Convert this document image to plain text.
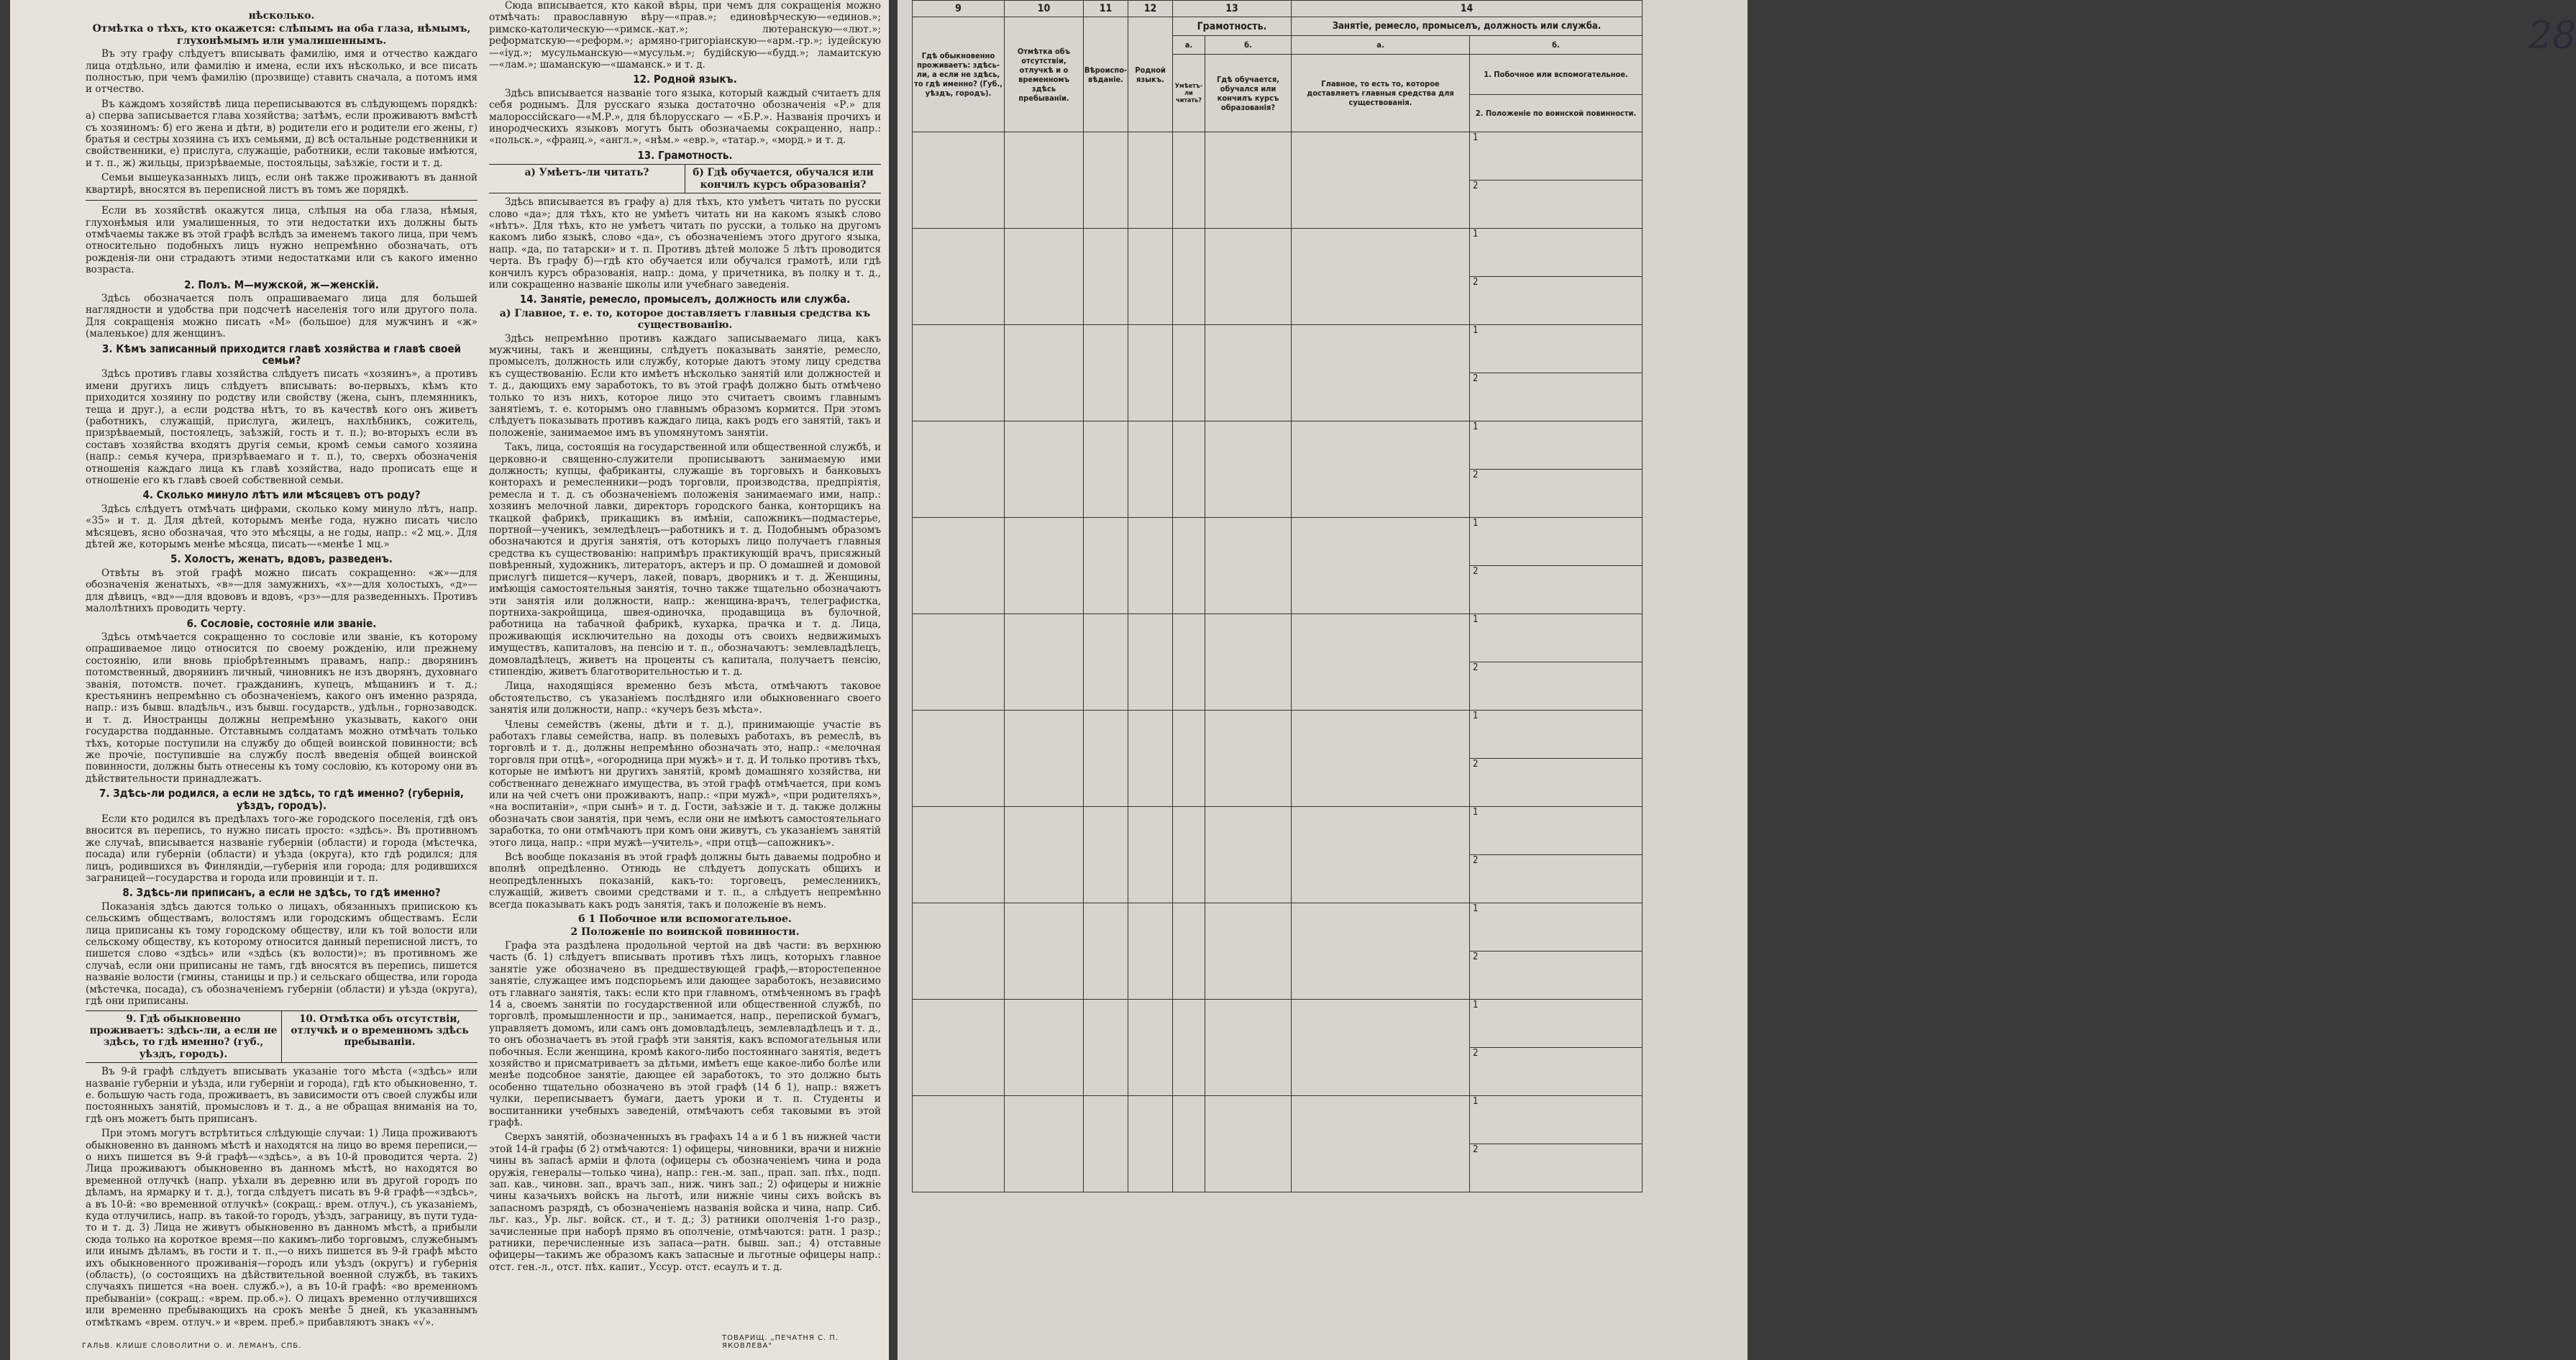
нѣсколько.
Отмѣтка о тѣхъ, кто окажется: слѣпымъ на оба глаза, нѣмымъ, глухонѣмымъ или умалишеннымъ.
Въ эту графу слѣдуетъ вписывать фамилію, имя и отчество каждаго лица отдѣльно, или фамилію и имена, если ихъ нѣсколько, и все писать полностью, при чемъ фамилію (прозвище) ставить сначала, а потомъ имя и отчество.
Въ каждомъ хозяйствѣ лица переписываются въ слѣдующемъ порядкѣ: а) сперва записывается глава хозяйства; затѣмъ, если проживаютъ вмѣстѣ съ хозяиномъ: б) его жена и дѣти, в) родители его и родители его жены, г) братья и сестры хозяина съ ихъ семьями, д) всѣ остальные родственники и свойственники, е) прислуга, служащіе, работники, если таковые имѣются, и т. п., ж) жильцы, призрѣваемые, постояльцы, заѣзжіе, гости и т. д.
Семьи вышеуказанныхъ лицъ, если онѣ также проживаютъ въ данной квартирѣ, вносятся въ переписной листъ въ томъ же порядкѣ.
Если въ хозяйствѣ окажутся лица, слѣпыя на оба глаза, нѣмыя, глухонѣмыя или умалишенныя, то эти недостатки ихъ должны быть отмѣчаемы также въ этой графѣ вслѣдъ за именемъ такого лица, при чемъ относительно подобныхъ лицъ нужно непремѣнно обозначать, отъ рожденія-ли они страдаютъ этими недостатками или съ какого именно возраста.
2. Полъ. М—мужской, ж—женскій.
Здѣсь обозначается полъ опрашиваемаго лица для большей наглядности и удобства при подсчетѣ населенія того или другого пола. Для сокращенія можно писать «М» (большое) для мужчинъ и «ж» (маленькое) для женщинъ.
3. Кѣмъ записанный приходится главѣ хозяйства и главѣ своей семьи?
Здѣсь противъ главы хозяйства слѣдуетъ писать «хозяинъ», а противъ имени другихъ лицъ слѣдуетъ вписывать: во-первыхъ, кѣмъ кто приходится хозяину по родству или свойству (жена, сынъ, племянникъ, теща и друг.), а если родства нѣтъ, то въ качествѣ кого онъ живетъ (работникъ, служащій, прислуга, жилецъ, нахлѣбникъ, сожитель, призрѣваемый, постоялецъ, заѣзжій, гость и т. п.); во-вторыхъ если въ составъ хозяйства входятъ другія семьи, кромѣ семьи самого хозяина (напр.: семья кучера, призрѣваемаго и т. п.), то, сверхъ обозначенія отношенія каждаго лица къ главѣ хозяйства, надо прописать еще и отношеніе его къ главѣ своей собственной семьи.
4. Сколько минуло лѣтъ или мѣсяцевъ отъ роду?
Здѣсь слѣдуетъ отмѣчать цифрами, сколько кому минуло лѣтъ, напр. «35» и т. д. Для дѣтей, которымъ менѣе года, нужно писать число мѣсяцевъ, ясно обозначая, что это мѣсяцы, а не годы, напр.: «2 мц.». Для дѣтей же, которымъ менѣе мѣсяца, писать—«менѣе 1 мц.»
5. Холостъ, женатъ, вдовъ, разведенъ.
Отвѣты въ этой графѣ можно писать сокращенно: «ж»—для обозначенія женатыхъ, «в»—для замужнихъ, «х»—для холостыхъ, «д»—для дѣвицъ, «вд»—для вдововъ и вдовъ, «рз»—для разведенныхъ. Противъ малолѣтнихъ проводить черту.
6. Сословіе, состояніе или званіе.
Здѣсь отмѣчается сокращенно то сословіе или званіе, къ которому опрашиваемое лицо относится по своему рожденію, или прежнему состоянію, или вновь пріобрѣтеннымъ правамъ, напр.: дворянинъ потомственный, дворянинъ личный, чиновникъ не изъ дворянъ, духовнаго званія, потомств. почет. гражданинъ, купецъ, мѣщанинъ и т. д.; крестьянинъ непремѣнно съ обозначеніемъ, какого онъ именно разряда, напр.: изъ бывш. владѣльч., изъ бывш. государств., удѣльн., горнозаводск. и т. д. Иностранцы должны непремѣнно указывать, какого они государства подданные. Отставнымъ солдатамъ можно отмѣчать только тѣхъ, которые поступили на службу до общей воинской повинности; всѣ же прочіе, поступившіе на службу послѣ введенія общей воинской повинности, должны быть отнесены къ тому сословію, къ которому они въ дѣйствительности принадлежатъ.
7. Здѣсь-ли родился, а если не здѣсь, то гдѣ именно? (губернія, уѣздъ, городъ).
Если кто родился въ предѣлахъ того-же городского поселенія, гдѣ онъ вносится въ перепись, то нужно писать просто: «здѣсь». Въ противномъ же случаѣ, вписывается названіе губерніи (области) и города (мѣстечка, посада) или губерніи (области) и уѣзда (округа), кто гдѣ родился; для лицъ, родившихся въ Финляндіи,—губернія или города; для родившихся заграницей—государства и города или провинціи и т. п.
8. Здѣсь-ли приписанъ, а если не здѣсь, то гдѣ именно?
Показанія здѣсь даются только о лицахъ, обязанныхъ припискою къ сельскимъ обществамъ, волостямъ или городскимъ обществамъ. Если лица приписаны къ тому городскому обществу, или къ той волости или сельскому обществу, къ которому относится данный переписной листъ, то пишется слово «здѣсь» или «здѣсь (къ волости)»; въ противномъ же случаѣ, если они приписаны не тамъ, гдѣ вносятся въ перепись, пишется названіе волости (гмины, станицы и пр.) и сельскаго общества, или города (мѣстечка, посада), съ обозначеніемъ губерніи (области) и уѣзда (округа), гдѣ они приписаны.
9. Гдѣ обыкновенно проживаетъ: здѣсь-ли, а если не здѣсь, то гдѣ именно? (губ., уѣздъ, городъ).
10. Отмѣтка объ отсутствіи, отлучкѣ и о временномъ здѣсь пребываніи.
Въ 9-й графѣ слѣдуетъ вписывать указаніе того мѣста («здѣсь» или названіе губерніи и уѣзда, или губерніи и города), гдѣ кто обыкновенно, т. е. большую часть года, проживаетъ, въ зависимости отъ своей службы или постоянныхъ занятій, промысловъ и т. д., а не обращая вниманія на то, гдѣ онъ можетъ быть приписанъ.
При этомъ могутъ встрѣтиться слѣдующіе случаи: 1) Лица проживаютъ обыкновенно въ данномъ мѣстѣ и находятся на лицо во время переписи,—о нихъ пишется въ 9-й графѣ—«здѣсь», а въ 10-й проводится черта. 2) Лица проживаютъ обыкновенно въ данномъ мѣстѣ, но находятся во временной отлучкѣ (напр. уѣхали въ деревню или въ другой городъ по дѣламъ, на ярмарку и т. д.), тогда слѣдуетъ писать въ 9-й графѣ—«здѣсь», а въ 10-й: «во временной отлучкѣ» (сокращ.: врем. отлуч.), съ указаніемъ, куда отлучились, напр. въ такой-то городъ, уѣздъ, заграницу, въ пути туда-то и т. д. 3) Лица не живутъ обыкновенно въ данномъ мѣстѣ, а прибыли сюда только на короткое время—по какимъ-либо торговымъ, служебнымъ или инымъ дѣламъ, въ гости и т. п.,—о нихъ пишется въ 9-й графѣ мѣсто ихъ обыкновенного проживанія—городъ или уѣздъ (округъ) и губернія (область), (о состоящихъ на дѣйствительной военной службѣ, въ такихъ случаяхъ пишется «на воен. служб.»), а въ 10-й графѣ: «во временномъ пребываніи» (сокращ.: «врем. пр.об.»). О лицахъ временно отлучившихся или временно пребывающихъ на срокъ менѣе 5 дней, къ указаннымъ отмѣткамъ «врем. отлуч.» и «врем. преб.» прибавляютъ знакъ «√».
Сюда вписывается, кто какой вѣры, при чемъ для сокращенія можно отмѣчать: православную вѣру—«прав.»; единовѣрческую—«единов.»; римско-католическую—«римск.-кат.»; лютеранскую—«лют.»; реформатскую—«реформ.»; армяно-григоріанскую—«арм.-гр.»; іудейскую—«іуд.»; мусульманскую—«мусульм.»; будійскую—«будд.»; ламаитскую—«лам.»; шаманскую—«шаманск.» и т. д.
12. Родной языкъ.
Здѣсь вписывается названіе того языка, который каждый считаетъ для себя роднымъ. Для русскаго языка достаточно обозначенія «Р.» для малороссійскаго—«М.Р.», для бѣлорусскаго — «Б.Р.». Названія прочихъ и инородческихъ языковъ могутъ быть обозначаемы сокращенно, напр.: «польск.», «франц.», «англ.», «нѣм.» «евр.», «татар.», «морд.» и т. д.
13. Грамотность.
а) Умѣетъ-ли читать?	б) Гдѣ обучается, обучался или кончилъ курсъ образованія?
Здѣсь вписывается въ графу а) для тѣхъ, кто умѣетъ читать по русски слово «да»; для тѣхъ, кто не умѣетъ читать ни на какомъ языкѣ слово «нѣтъ». Для тѣхъ, кто не умѣетъ читать по русски, а только на другомъ какомъ либо языкѣ, слово «да», съ обозначеніемъ этого другого языка, напр. «да, по татарски» и т. п. Противъ дѣтей моложе 5 лѣтъ проводится черта. Въ графу б)—гдѣ кто обучается или обучался грамотѣ, или гдѣ кончилъ курсъ образованія, напр.: дома, у причетника, въ полку и т. д., или сокращенно названіе школы или учебнаго заведенія.
14. Занятіе, ремесло, промыселъ, должность или служба.
а) Главное, т. е. то, которое доставляетъ главныя средства къ существованію.
Здѣсь непремѣнно противъ каждаго записываемаго лица, какъ мужчины, такъ и женщины, слѣдуетъ показывать занятіе, ремесло, промыселъ, должность или службу, которые даютъ этому лицу средства къ существованію. Если кто имѣетъ нѣсколько занятій или должностей и т. д., дающихъ ему заработокъ, то въ этой графѣ должно быть отмѣчено только то изъ нихъ, которое лицо это считаетъ своимъ главнымъ занятіемъ, т. е. которымъ оно главнымъ образомъ кормится. При этомъ слѣдуетъ показывать противъ каждаго лица, какъ родъ его занятій, такъ и положеніе, занимаемое имъ въ упомянутомъ занятіи.
Такъ, лица, состоящія на государственной или общественной службѣ, и церковно-и священно-служители прописываютъ занимаемую ими должность; купцы, фабриканты, служащіе въ торговыхъ и банковыхъ конторахъ и ремесленники—родъ торговли, производства, предпріятія, ремесла и т. д. съ обозначеніемъ положенія занимаемаго ими, напр.: хозяинъ мелочной лавки, директоръ городского банка, конторщикъ на ткацкой фабрикѣ, прикащикъ въ имѣніи, сапожникъ—подмастерье, портной—ученикъ, земледѣлецъ—работникъ и т. д. Подобнымъ образомъ обозначаются и другія занятія, отъ которыхъ лицо получаетъ главныя средства къ существованію: напримѣръ практикующій врачъ, присяжный повѣренный, художникъ, литераторъ, актеръ и пр. О домашней и домовой прислугѣ пишется—кучеръ, лакей, поваръ, дворникъ и т. д. Женщины, имѣющія самостоятельныя занятія, точно также тщательно обозначаютъ эти занятія или должности, напр.: женщина-врачъ, телеграфистка, портниха-закройщица, швея-одиночка, продавщица въ булочной, работница на табачной фабрикѣ, кухарка, прачка и т. д. Лица, проживающія исключительно на доходы отъ своихъ недвижимыхъ имуществъ, капиталовъ, на пенсію и т. п., обозначаютъ: землевладѣлецъ, домовладѣлецъ, живетъ на проценты съ капитала, получаетъ пенсію, стипендію, живетъ благотворительностью и т. д.
Лица, находящіяся временно безъ мѣста, отмѣчаютъ таковое обстоятельство, съ указаніемъ послѣдняго или обыкновеннаго своего занятія или должности, напр.: «кучеръ безъ мѣста».
Члены семействъ (жены, дѣти и т. д.), принимающіе участіе въ работахъ главы семейства, напр. въ полевыхъ работахъ, въ ремеслѣ, въ торговлѣ и т. д., должны непремѣнно обозначать это, напр.: «мелочная торговля при отцѣ», «огородница при мужѣ» и т. д. И только противъ тѣхъ, которые не имѣютъ ни другихъ занятій, кромѣ домашняго хозяйства, ни собственнаго денежнаго имущества, въ этой графѣ отмѣчается, при комъ или на чей счетъ они проживаютъ, напр.: «при мужѣ», «при родителяхъ», «на воспитаніи», «при сынѣ» и т. д. Гости, заѣзжіе и т. д. также должны обозначать свои занятія, при чемъ, если они не имѣютъ самостоятельнаго заработка, то они отмѣчаютъ при комъ они живутъ, съ указаніемъ занятій этого лица, напр.: «при мужѣ—учитель», «при отцѣ—сапожникъ».
Всѣ вообще показанія въ этой графѣ должны быть даваемы подробно и вполнѣ опредѣленно. Отнюдь не слѣдуетъ допускать общихъ и неопредѣленныхъ показаній, какъ-то: торговецъ, ремесленникъ, служащій, живетъ своими средствами и т. п., а слѣдуетъ непремѣнно всегда показывать какъ родъ занятія, такъ и положеніе въ немъ.
б 1 Побочное или вспомогательное.
2 Положеніе по воинской повинности.
Графа эта раздѣлена продольной чертой на двѣ части: въ верхнюю часть (б. 1) слѣдуетъ вписывать противъ тѣхъ лицъ, которыхъ главное занятіе уже обозначено въ предшествующей графѣ,—второстепенное занятіе, служащее имъ подспорьемъ или дающее заработокъ, независимо отъ главнаго занятія, такъ: если кто при главномъ, отмѣченномъ въ графѣ 14 а, своемъ занятіи по государственной или общественной службѣ, по торговлѣ, промышленности и пр., занимается, напр., перепиской бумагъ, управляетъ домомъ, или самъ онъ домовладѣлецъ, землевладѣлецъ и т. д., то онъ обозначаетъ въ этой графѣ эти занятія, какъ вспомогательныя или побочныя. Если женщина, кромѣ какого-либо постояннаго занятія, ведетъ хозяйство и присматриваетъ за дѣтьми, имѣетъ еще какое-либо болѣе или менѣе подсобное занятіе, дающее ей заработокъ, то это должно быть особенно тщательно обозначено въ этой графѣ (14 б 1), напр.: вяжетъ чулки, переписываетъ бумаги, даетъ уроки и т. п. Студенты и воспитанники учебныхъ заведеній, отмѣчаютъ себя таковыми въ этой графѣ.
Сверхъ занятій, обозначенныхъ въ графахъ 14 а и б 1 въ нижней части этой 14-й графы (б 2) отмѣчаются: 1) офицеры, чиновники, врачи и нижніе чины въ запасѣ арміи и флота (офицеры съ обозначеніемъ чина и рода оружія, генералы—только чина), напр.: ген.-м. зап., прап. зап. пѣх., подп. зап. кав., чиновн. зап., врачъ зап., ниж. чинъ зап.; 2) офицеры и нижніе чины казачьихъ войскъ на льготѣ, или нижніе чины сихъ войскъ въ запасномъ разрядѣ, съ обозначеніемъ названія войска и чина, напр. Сиб. льг. каз., Ур. льг. войск. ст., и т. д.; 3) ратники ополченія 1-го разр., зачисленные при наборѣ прямо въ ополченіе, отмѣчаются: ратн. 1 разр.; ратники, перечисленные изъ запаса—ратн. бывш. зап.; 4) отставные офицеры—такимъ же образомъ какъ запасные и льготные офицеры напр.: отст. ген.-л., отст. пѣх. капит., Усcур. отст. есаулъ и т. д.
ГАЛЬВ. КЛИШЕ СЛОВОЛИТНИ О. И. ЛЕМАНЪ, СПБ.
ТОВАРИЩ. „ПЕЧАТНЯ С. П. ЯКОВЛЕВА"
9	10	11	12	13		14	
Гдѣ обыкновенно проживаетъ: здѣсь-ли, а если не здѣсь, то гдѣ именно? (Губ., уѣздъ, городъ).	Отмѣтка объ отсутствіи, отлучкѣ и о временномъ здѣсь пребываніи.	Вѣроиспо-вѣданіе.	Родной языкъ.	Грамотность.		Занятіе, ремесло, промыселъ, должность или служба.	
				а.	б.	а.	б.
				Умѣетъ-ли читать?	Гдѣ обучается, обучался или кончилъ курсъ образованія?	Главное, то есть то, которое доставляетъ главныя средства для существованія.	1. Побочное или вспомогательное.
							2. Положеніе по воинской повинности.
							1
							2
							1
							2
							1
							2
							1
							2
							1
							2
							1
							2
							1
							2
							1
							2
							1
							2
							1
							2
							1
							2
28
